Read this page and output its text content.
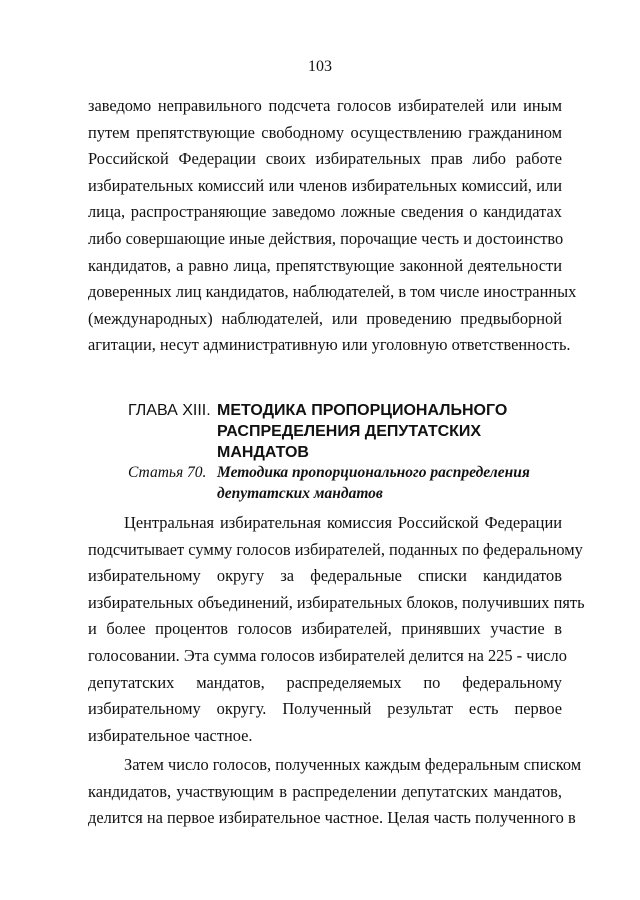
103
заведомо неправильного подсчета голосов избирателей или иным
путем препятствующие свободному осуществлению гражданином
Российской Федерации своих избирательных прав либо работе
избирательных комиссий или членов избирательных комиссий, или
лица, распространяющие заведомо ложные сведения о кандидатах
либо совершающие иные действия, порочащие честь и достоинство
кандидатов, а равно лица, препятствующие законной деятельности
доверенных лиц кандидатов, наблюдателей, в том числе иностранных
(международных) наблюдателей, или проведению предвыборной
агитации, несут административную или уголовную ответственность.
ГЛАВА XIII. МЕТОДИКА ПРОПОРЦИОНАЛЬНОГО
РАСПРЕДЕЛЕНИЯ ДЕПУТАТСКИХ МАНДАТОВ
Статья 70. Методика пропорционального распределения
депутатских мандатов
Центральная избирательная комиссия Российской Федерации
подсчитывает сумму голосов избирателей, поданных по федеральному
избирательному округу за федеральные списки кандидатов
избирательных объединений, избирательных блоков, получивших пять
и более процентов голосов избирателей, принявших участие в
голосовании. Эта сумма голосов избирателей делится на 225 - число
депутатских мандатов, распределяемых по федеральному
избирательному округу. Полученный результат есть первое
избирательное частное.
Затем число голосов, полученных каждым федеральным списком
кандидатов, участвующим в распределении депутатских мандатов,
делится на первое избирательное частное. Целая часть полученного в
